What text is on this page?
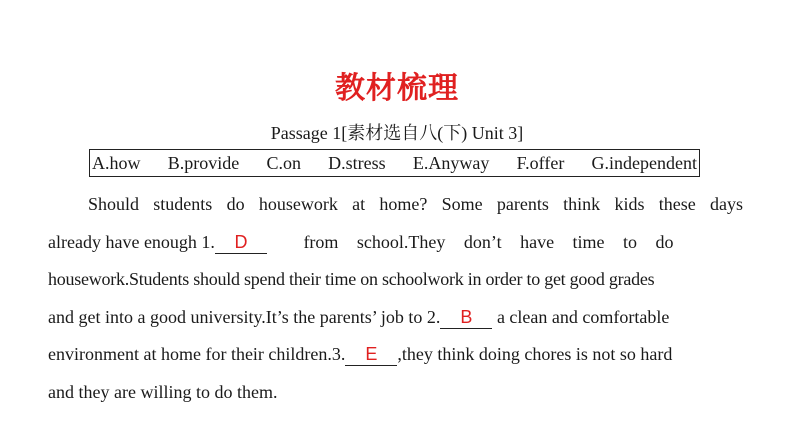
教材梳理
Passage 1[素材选自八(下) Unit 3]
A.how B.provide C.on D.stress E.Anyway F.offer G.independent
Should students do housework at home? Some parents think kids these days
already have enough 1. D from school.They don’t have time to do
housework.Students should spend their time on schoolwork in order to get good grades
and get into a good university.It’s the parents’ job to 2. B a clean and comfortable
environment at home for their children.3. E ,they think doing chores is not so hard
and they are willing to do them.
